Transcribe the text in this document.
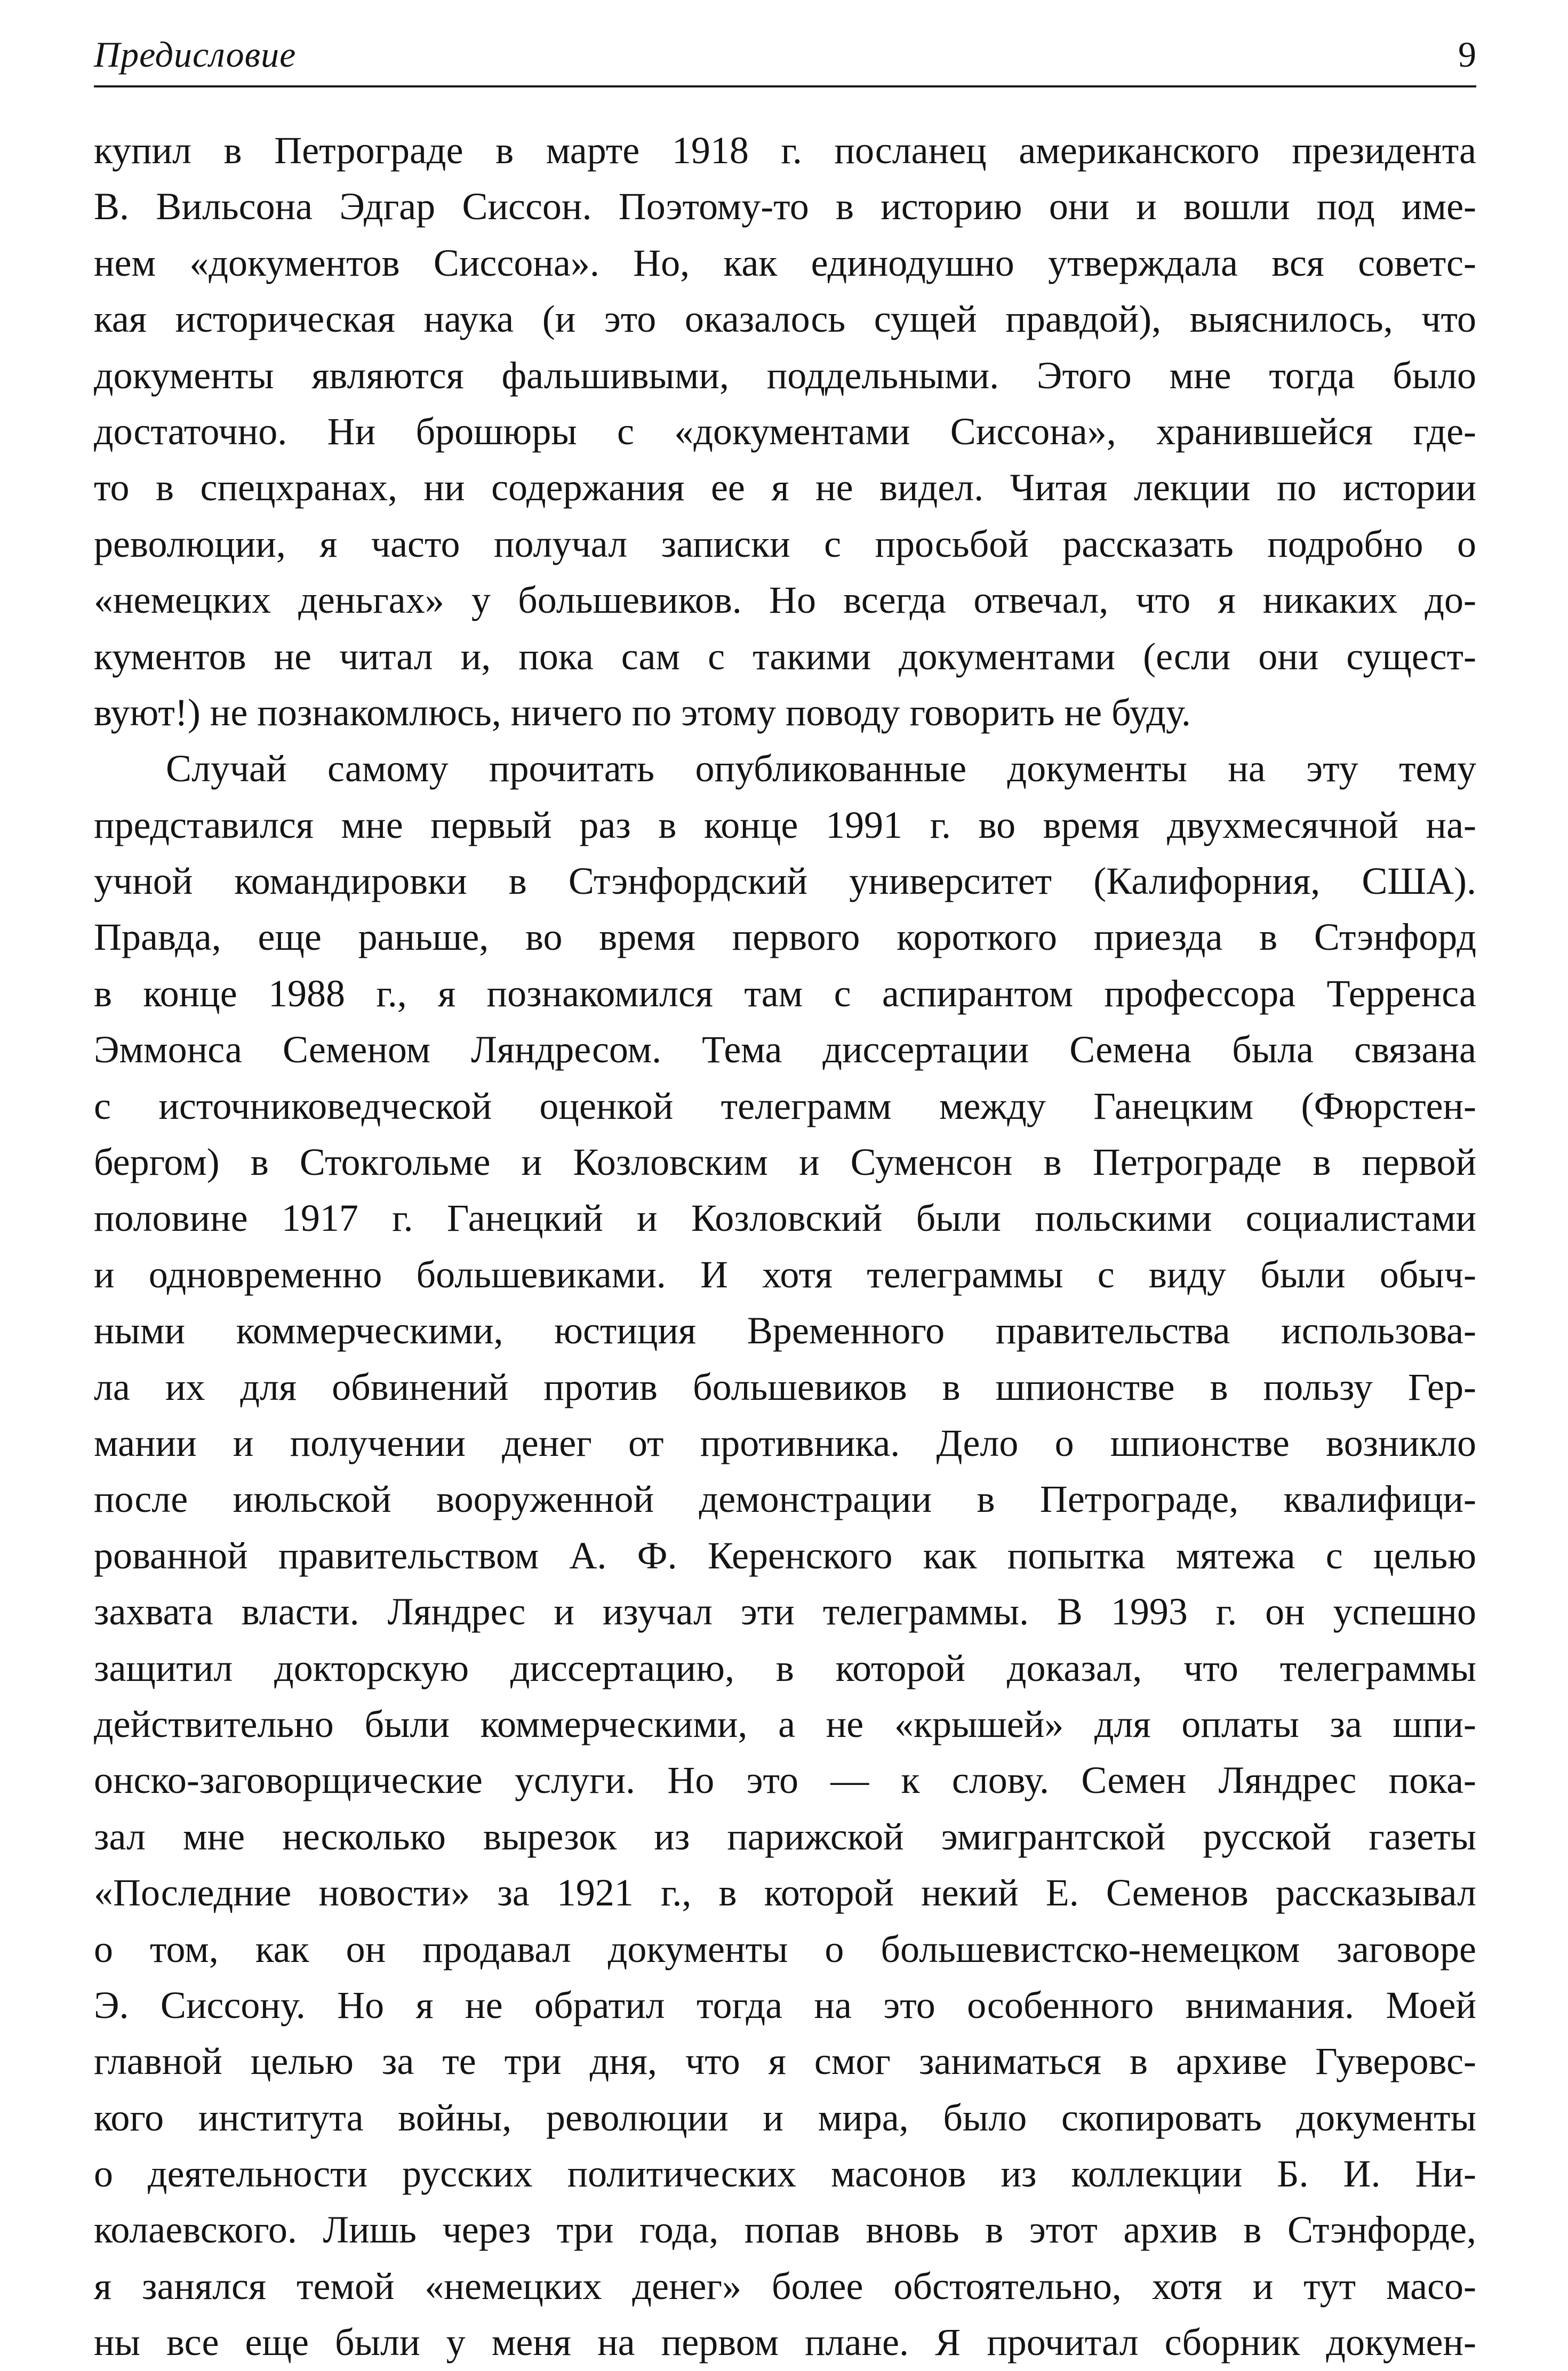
Предисловие	9

купил в Петрограде в марте 1918 г. посланец американского президента
В. Вильсона Эдгар Сиссон. Поэтому-то в историю они и вошли под име-
нем «документов Сиссона». Но, как единодушно утверждала вся советс-
кая историческая наука (и это оказалось сущей правдой), выяснилось, что
документы являются фальшивыми, поддельными. Этого мне тогда было
достаточно. Ни брошюры с «документами Сиссона», хранившейся где-
то в спецхранах, ни содержания ее я не видел. Читая лекции по истории
революции, я часто получал записки с просьбой рассказать подробно о
«немецких деньгах» у большевиков. Но всегда отвечал, что я никаких до-
кументов не читал и, пока сам с такими документами (если они сущест-
вуют!) не познакомлюсь, ничего по этому поводу говорить не буду.

Случай самому прочитать опубликованные документы на эту тему
представился мне первый раз в конце 1991 г. во время двухмесячной на-
учной командировки в Стэнфордский университет (Калифорния, США).
Правда, еще раньше, во время первого короткого приезда в Стэнфорд
в конце 1988 г., я познакомился там с аспирантом профессора Терренса
Эммонса Семеном Ляндресом. Тема диссертации Семена была связана
с источниковедческой оценкой телеграмм между Ганецким (Фюрстен-
бергом) в Стокгольме и Козловским и Суменсон в Петрограде в первой
половине 1917 г. Ганецкий и Козловский были польскими социалистами
и одновременно большевиками. И хотя телеграммы с виду были обыч-
ными коммерческими, юстиция Временного правительства использова-
ла их для обвинений против большевиков в шпионстве в пользу Гер-
мании и получении денег от противника. Дело о шпионстве возникло
после июльской вооруженной демонстрации в Петрограде, квалифици-
рованной правительством А. Ф. Керенского как попытка мятежа с целью
захвата власти. Ляндрес и изучал эти телеграммы. В 1993 г. он успешно
защитил докторскую диссертацию, в которой доказал, что телеграммы
действительно были коммерческими, а не «крышей» для оплаты за шпи-
онско-заговорщические услуги. Но это — к слову. Семен Ляндрес пока-
зал мне несколько вырезок из парижской эмигрантской русской газеты
«Последние новости» за 1921 г., в которой некий Е. Семенов рассказывал
о том, как он продавал документы о большевистско-немецком заговоре
Э. Сиссону. Но я не обратил тогда на это особенного внимания. Моей
главной целью за те три дня, что я смог заниматься в архиве Гуверовс-
кого института войны, революции и мира, было скопировать документы
о деятельности русских политических масонов из коллекции Б. И. Ни-
колаевского. Лишь через три года, попав вновь в этот архив в Стэнфорде,
я занялся темой «немецких денег» более обстоятельно, хотя и тут масо-
ны все еще были у меня на первом плане. Я прочитал сборник докумен-
